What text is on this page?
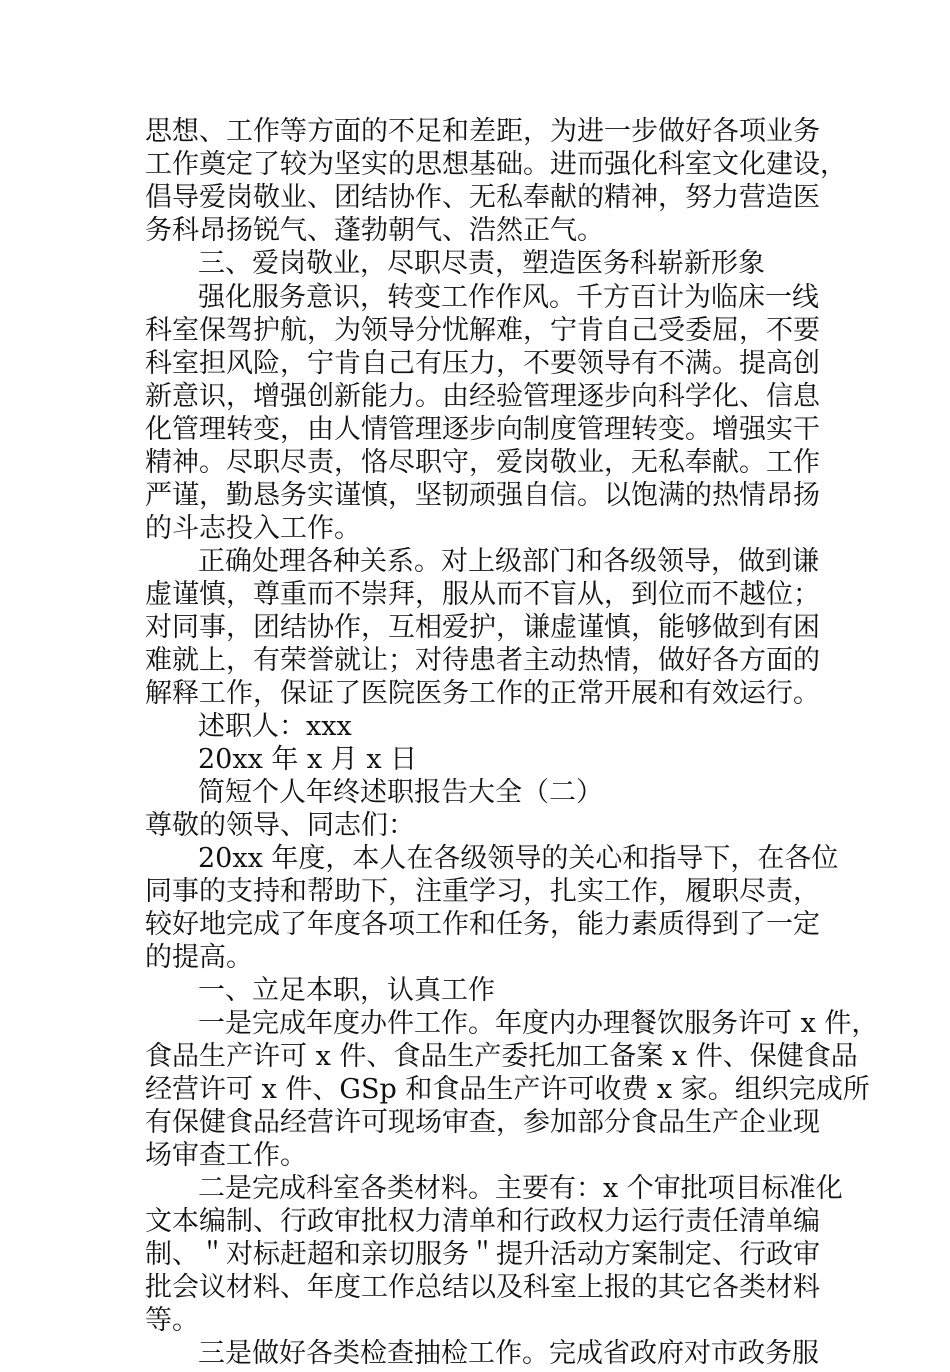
思想、工作等方面的不足和差距，为进一步做好各项业务
工作奠定了较为坚实的思想基础。进而强化科室文化建设，
倡导爱岗敬业、团结协作、无私奉献的精神，努力营造医
务科昂扬锐气、蓬勃朝气、浩然正气。
三、爱岗敬业，尽职尽责，塑造医务科崭新形象
强化服务意识，转变工作作风。千方百计为临床一线
科室保驾护航，为领导分忧解难，宁肯自己受委屈，不要
科室担风险，宁肯自己有压力，不要领导有不满。提高创
新意识，增强创新能力。由经验管理逐步向科学化、信息
化管理转变，由人情管理逐步向制度管理转变。增强实干
精神。尽职尽责，恪尽职守，爱岗敬业，无私奉献。工作
严谨，勤恳务实谨慎，坚韧顽强自信。以饱满的热情昂扬
的斗志投入工作。
正确处理各种关系。对上级部门和各级领导，做到谦
虚谨慎，尊重而不崇拜，服从而不盲从，到位而不越位；
对同事，团结协作，互相爱护，谦虚谨慎，能够做到有困
难就上，有荣誉就让；对待患者主动热情，做好各方面的
解释工作，保证了医院医务工作的正常开展和有效运行。
述职人：xxx
20xx 年 x 月 x 日
简短个人年终述职报告大全（二）
尊敬的领导、同志们：
20xx 年度，本人在各级领导的关心和指导下，在各位
同事的支持和帮助下，注重学习，扎实工作，履职尽责，
较好地完成了年度各项工作和任务，能力素质得到了一定
的提高。
一、立足本职，认真工作
一是完成年度办件工作。年度内办理餐饮服务许可 x 件，
食品生产许可 x 件、食品生产委托加工备案 x 件、保健食品
经营许可 x 件、GSp 和食品生产许可收费 x 家。组织完成所
有保健食品经营许可现场审查，参加部分食品生产企业现
场审查工作。
二是完成科室各类材料。主要有：x 个审批项目标准化
文本编制、行政审批权力清单和行政权力运行责任清单编
制、＂对标赶超和亲切服务＂提升活动方案制定、行政审
批会议材料、年度工作总结以及科室上报的其它各类材料
等。
三是做好各类检查抽检工作。完成省政府对市政务服
